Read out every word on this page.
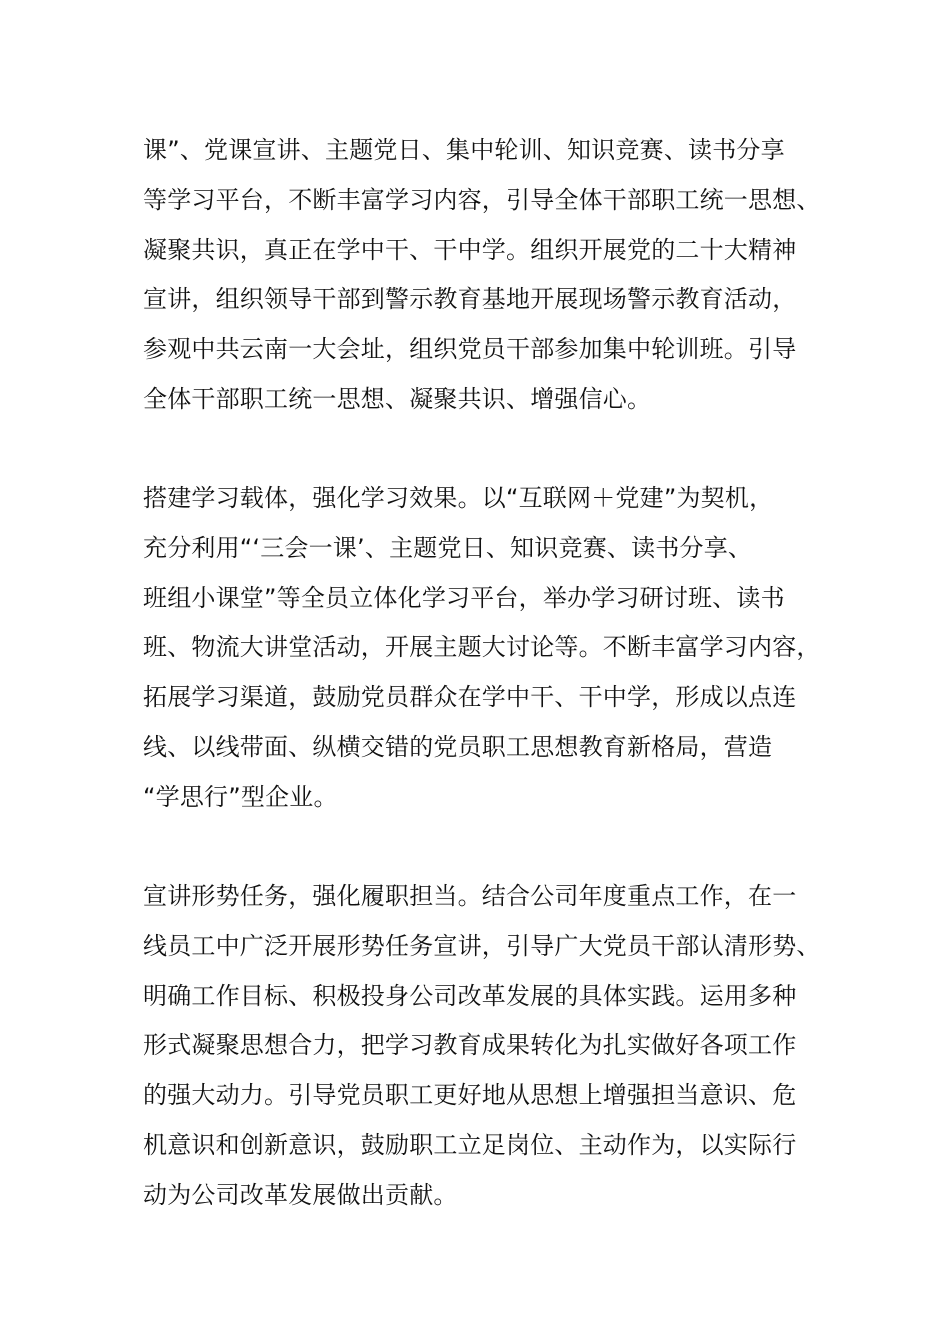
课”、党课宣讲、主题党日、集中轮训、知识竞赛、读书分享
等学习平台，不断丰富学习内容，引导全体干部职工统一思想、
凝聚共识，真正在学中干、干中学。组织开展党的二十大精神
宣讲，组织领导干部到警示教育基地开展现场警示教育活动，
参观中共云南一大会址，组织党员干部参加集中轮训班。引导
全体干部职工统一思想、凝聚共识、增强信心。
搭建学习载体，强化学习效果。以“互联网＋党建”为契机，
充分利用“‘三会一课’、主题党日、知识竞赛、读书分享、
班组小课堂”等全员立体化学习平台，举办学习研讨班、读书
班、物流大讲堂活动，开展主题大讨论等。不断丰富学习内容，
拓展学习渠道，鼓励党员群众在学中干、干中学，形成以点连
线、以线带面、纵横交错的党员职工思想教育新格局，营造
“学思行”型企业。
宣讲形势任务，强化履职担当。结合公司年度重点工作，在一
线员工中广泛开展形势任务宣讲，引导广大党员干部认清形势、
明确工作目标、积极投身公司改革发展的具体实践。运用多种
形式凝聚思想合力，把学习教育成果转化为扎实做好各项工作
的强大动力。引导党员职工更好地从思想上增强担当意识、危
机意识和创新意识，鼓励职工立足岗位、主动作为，以实际行
动为公司改革发展做出贡献。
